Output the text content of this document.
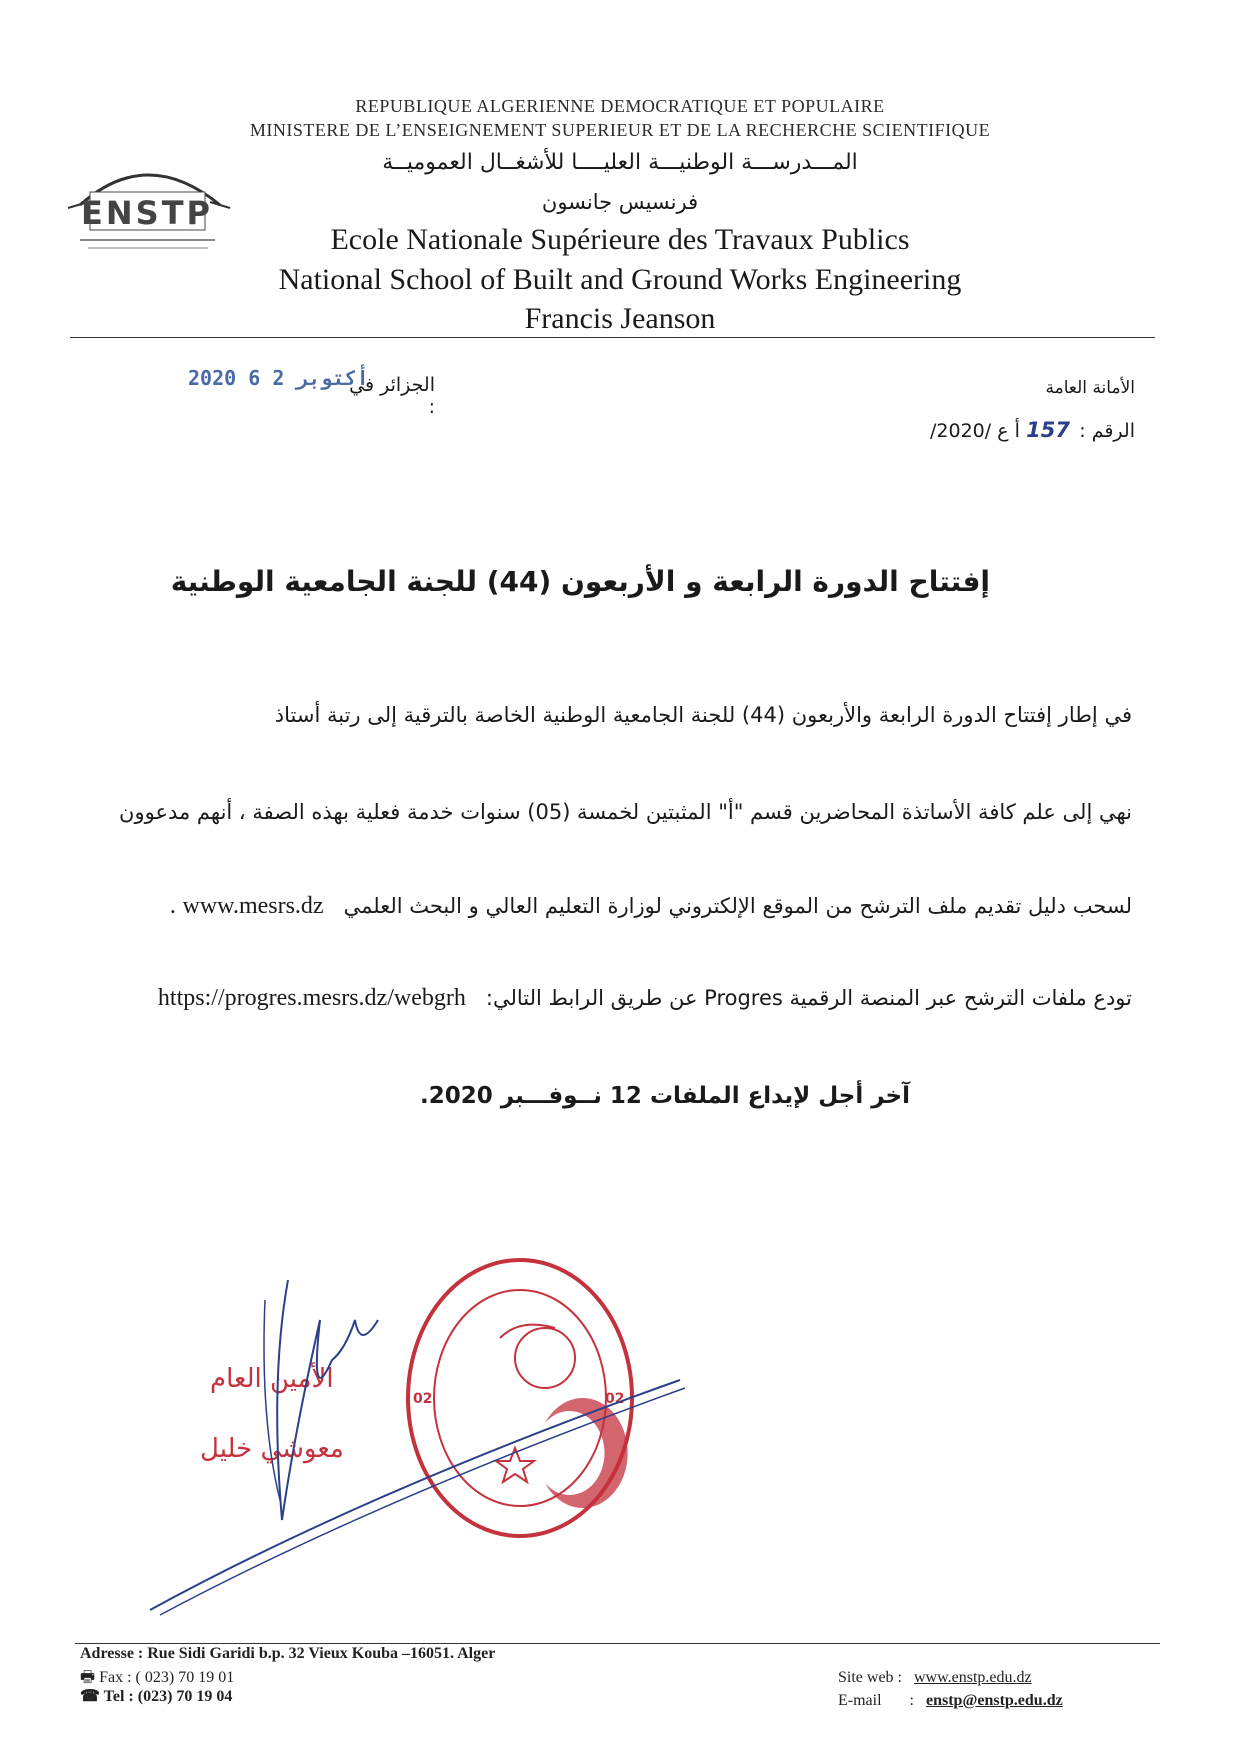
REPUBLIQUE ALGERIENNE DEMOCRATIQUE ET POPULAIRE
MINISTERE DE L’ENSEIGNEMENT SUPERIEUR ET DE LA RECHERCHE SCIENTIFIQUE
المـــدرســـة الوطنيـــة العليــــا للأشغــال العموميــة
فرنسيس جانسون
Ecole Nationale Supérieure des Travaux Publics
National School of Built and Ground Works Engineering
Francis Jeanson
ENSTP
2020 أكتوبر 2 6
الجزائر في :
الأمانة العامة
الرقم :
157
/أ ع /2020
إفتتاح الدورة الرابعة و الأربعون (44) للجنة الجامعية الوطنية
في إطار إفتتاح الدورة الرابعة والأربعون (44) للجنة الجامعية الوطنية الخاصة بالترقية إلى رتبة أستاذ
نهي إلى علم كافة الأساتذة المحاضرين قسم "أ" المثبتين لخمسة (05) سنوات خدمة فعلية بهذه الصفة ، أنهم مدعوون
لسحب دليل تقديم ملف الترشح من الموقع الإلكتروني لوزارة التعليم العالي و البحث العلمي   www.mesrs.dz .
تودع ملفات الترشح عبر المنصة الرقمية Progres عن طريق الرابط التالي:   https://progres.mesrs.dz/webgrh
آخر أجل لإيداع الملفات 12 نــوفـــبر 2020.
الأمين العام
معوشي خليل
02	02
Adresse : Rue Sidi Garidi b.p. 32 Vieux Kouba –16051. Alger
🖶 Fax : ( 023) 70 19 01
☎ Tel : (023) 70 19 04
Site web : www.enstp.edu.dz
E-mail : enstp@enstp.edu.dz
